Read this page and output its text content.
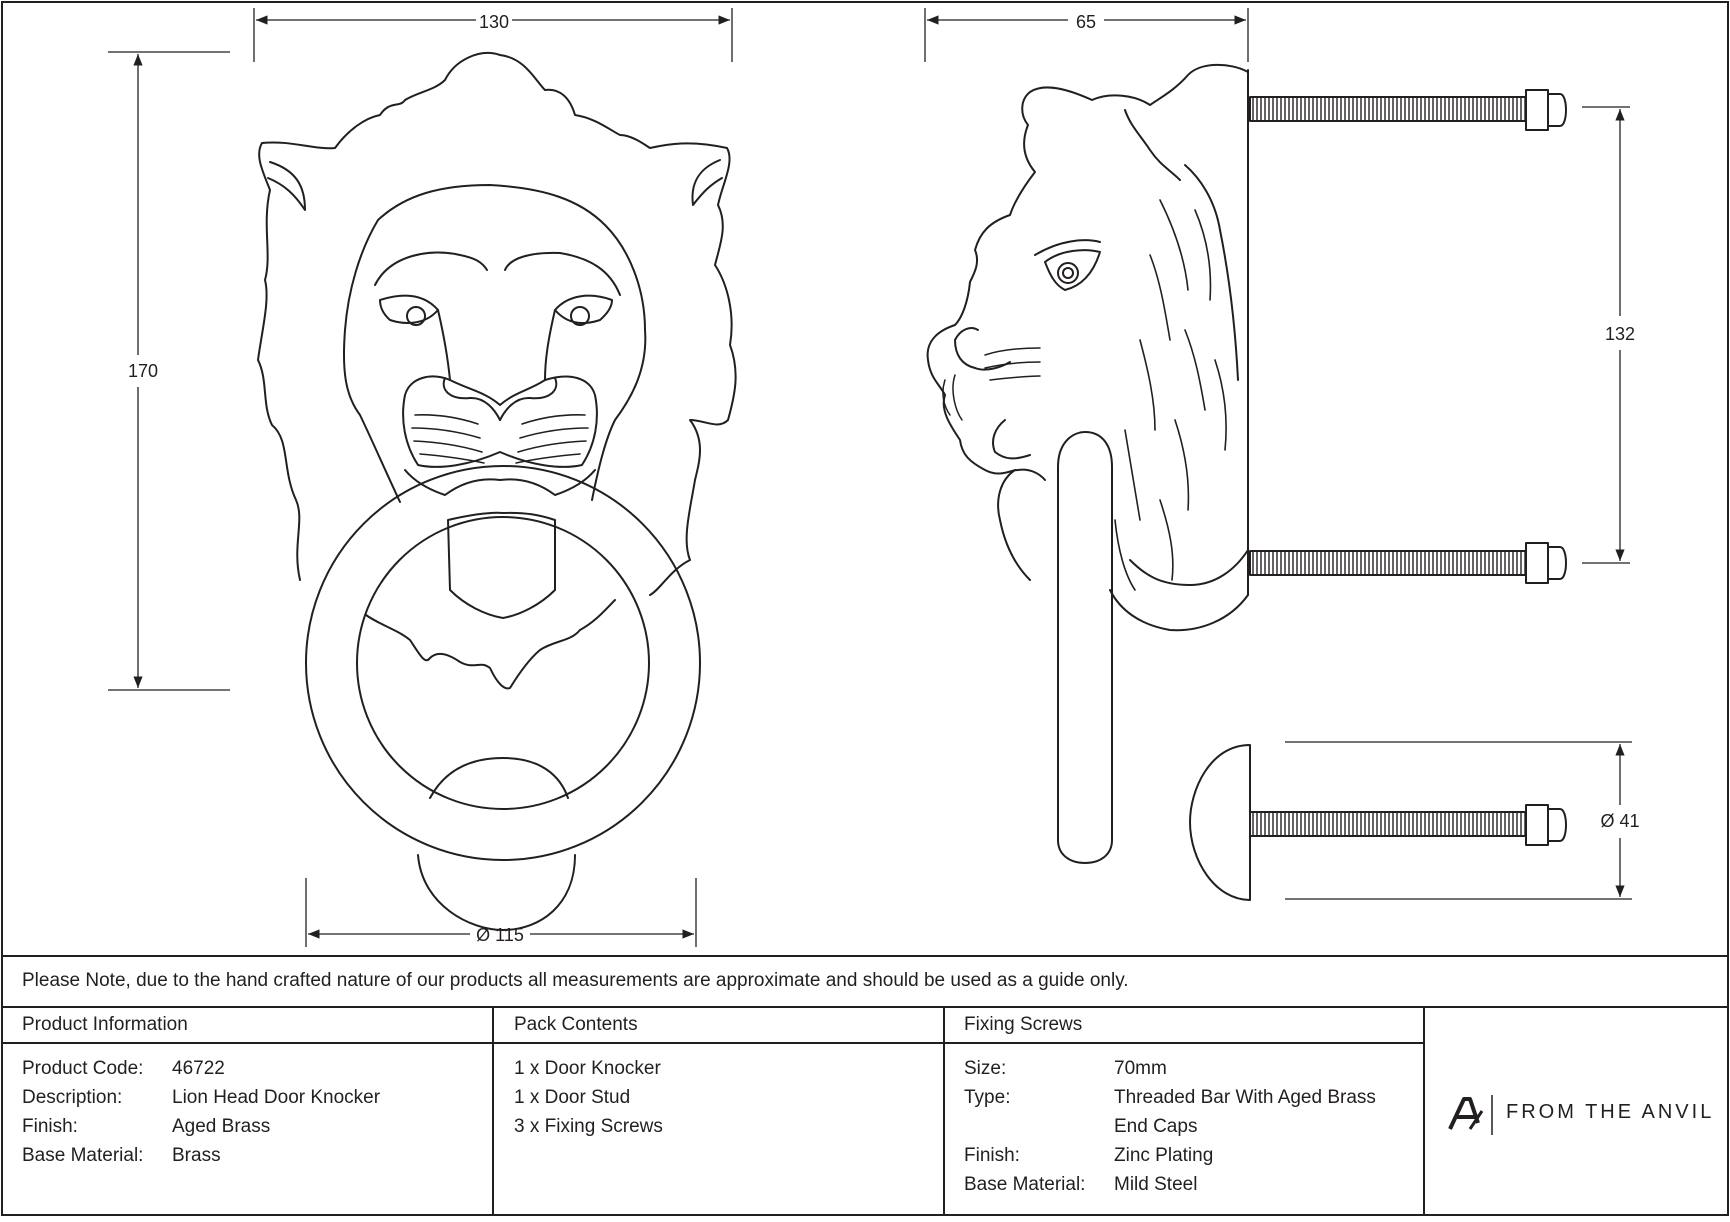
130
170
Ø 115
65
132
Ø 41
Please Note, due to the hand crafted nature of our products all measurements are approximate and should be used as a guide only.
Product Information	Pack Contents	Fixing Screws
Product Code: 46722
Description:	Lion Head Door Knocker
Finish:	Aged Brass
Base Material: Brass
1 x Door Knocker
1 x Door Stud
3 x Fixing Screws
Size:	70mm
Type:	Threaded Bar With Aged Brass
End Caps
Finish:	Zinc Plating
Base Material: Mild Steel
FROM THE ANVIL
